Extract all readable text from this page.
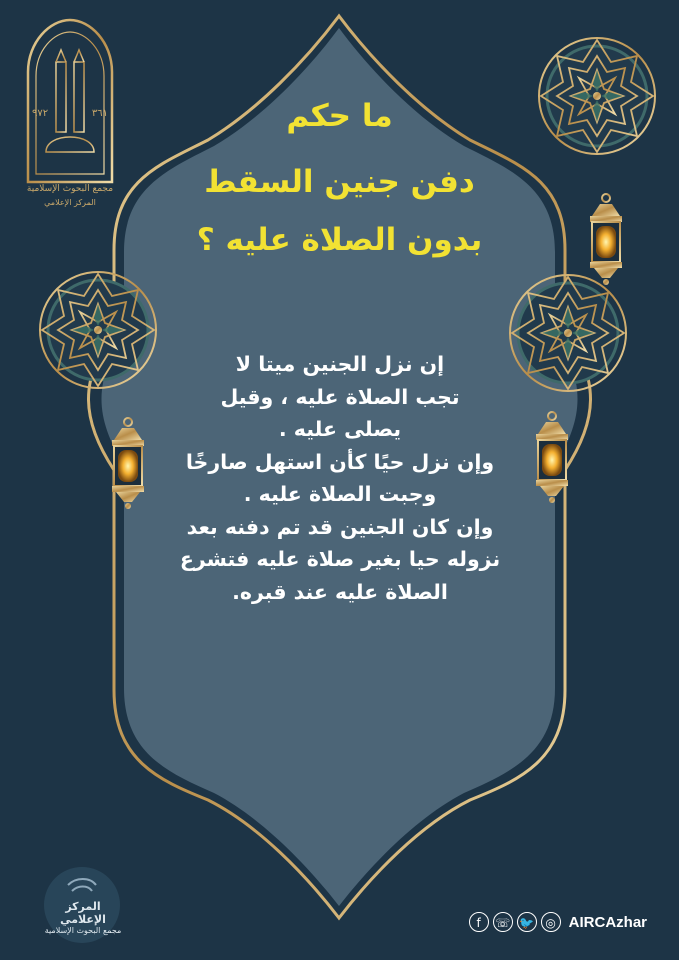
مجمع البحوث الإسلامية
٩٧٢	٣٦١
المركز الإعلامي
ما حكم
دفن جنين السقط
بدون الصلاة عليه ؟
إن نزل الجنين ميتا لا
تجب الصلاة عليه ، وقيل
يصلى عليه .
وإن نزل حيًا كأن استهل صارخًا
وجبت الصلاة عليه .
وإن كان الجنين قد تم دفنه بعد
نزوله حيا بغير صلاة عليه فتشرع
الصلاة عليه عند قبره.
المركز الإعلامي
مجمع البحوث الإسلامية
f	☏ 🐦 ◎ AIRCAzhar
